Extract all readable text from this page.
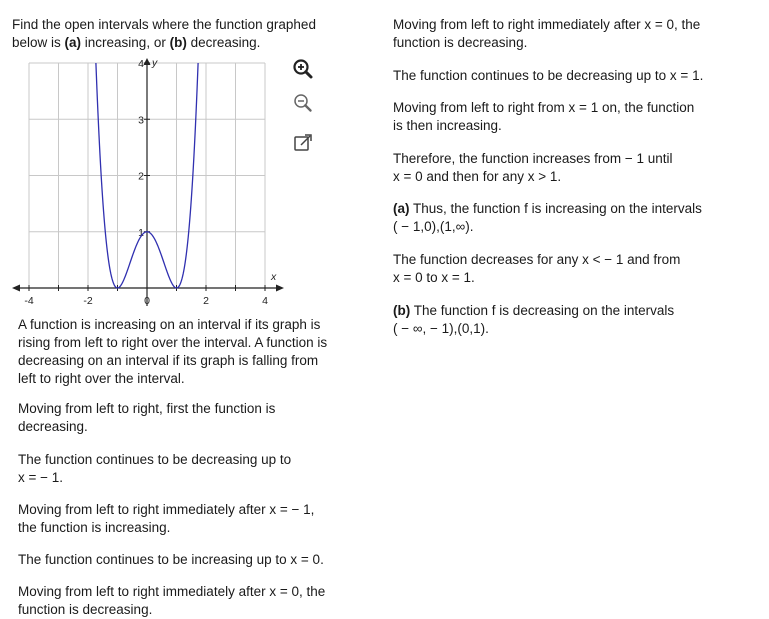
Find the open intervals where the function graphed
below is (a) increasing, or (b) decreasing.
-4	-2	0	2	4
1
2
3
4
x
y
A function is increasing on an interval if its graph is
rising from left to right over the interval. A function is
decreasing on an interval if its graph is falling from
left to right over the interval.
Moving from left to right, first the function is
decreasing.
The function continues to be decreasing up to
x = − 1.
Moving from left to right immediately after x = − 1,
the function is increasing.
The function continues to be increasing up to x = 0.
Moving from left to right immediately after x = 0, the
function is decreasing.
Moving from left to right immediately after x = 0, the
function is decreasing.
The function continues to be decreasing up to x = 1.
Moving from left to right from x = 1 on, the function
is then increasing.
Therefore, the function increases from − 1 until
x = 0 and then for any x > 1.
(a) Thus, the function f is increasing on the intervals
( − 1,0),(1,∞).
The function decreases for any x < − 1 and from
x = 0 to x = 1.
(b) The function f is decreasing on the intervals
( − ∞, − 1),(0,1).
